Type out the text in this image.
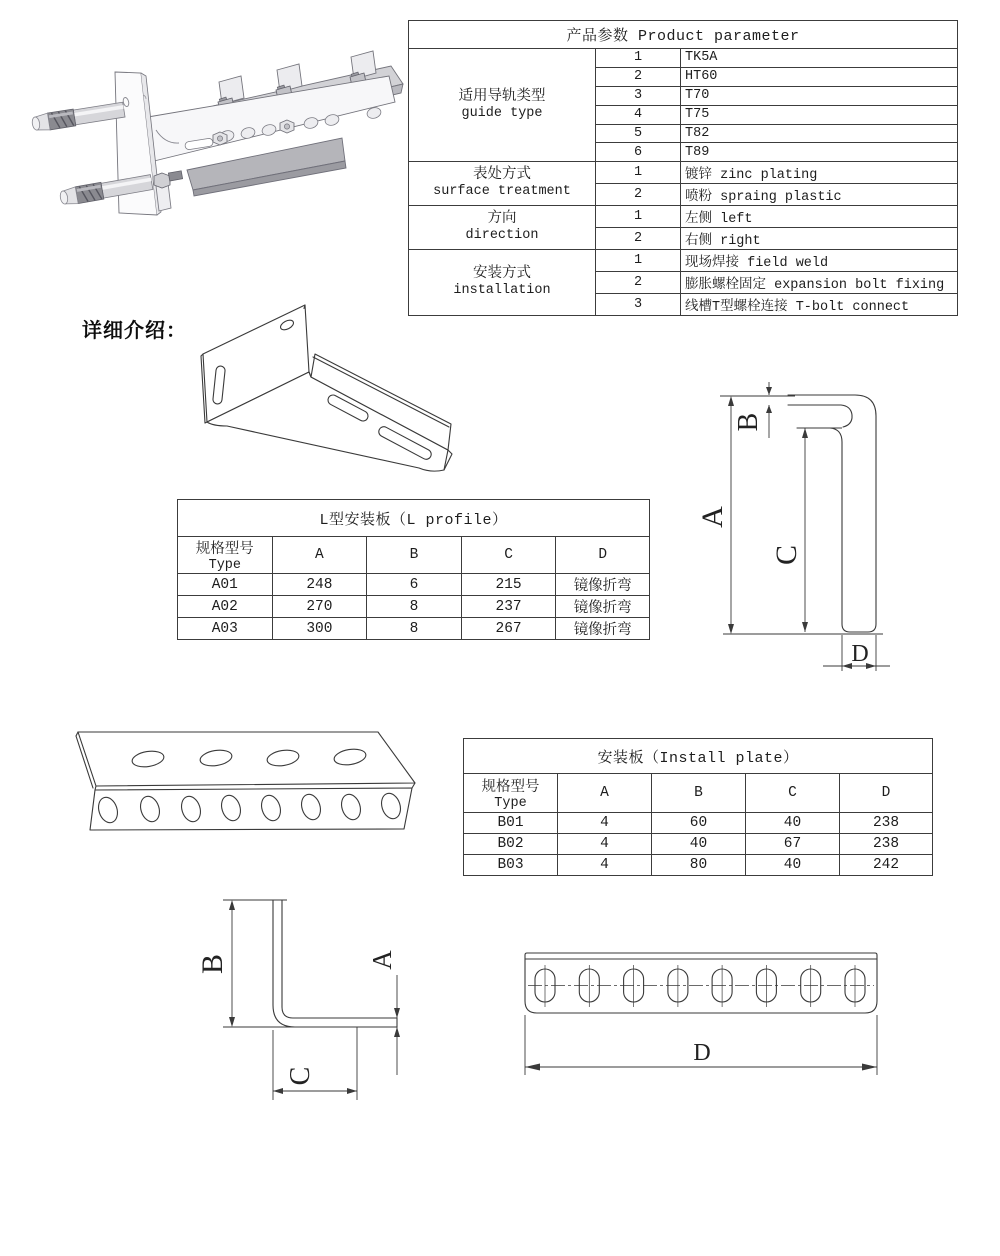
产品参数 Product parameter		

适用导轨类型
guide type	1	TK5A
	2	HT60
	3	T70
	4	T75
	5	T82
	6	T89

表处方式
surface treatment	1	镀锌 zinc plating
	2	喷粉 spraing plastic

方向
direction	1	左侧 left
	2	右侧 right

安装方式
installation	1	现场焊接 field weld
	2	膨胀螺栓固定 expansion bolt fixing
	3	线槽T型螺栓连接 T-bolt connect
详细介绍：
A
B
C
D
L型安装板（L profile）				

规格型号
Type	A	B	C	D
A01	248	6	215	镜像折弯
A02	270	8	237	镜像折弯
A03	300	8	267	镜像折弯
安装板（Install plate）				

规格型号
Type	A	B	C	D
B01	4	60	40	238
B02	4	40	67	238
B03	4	80	40	242
B	A
C
D
